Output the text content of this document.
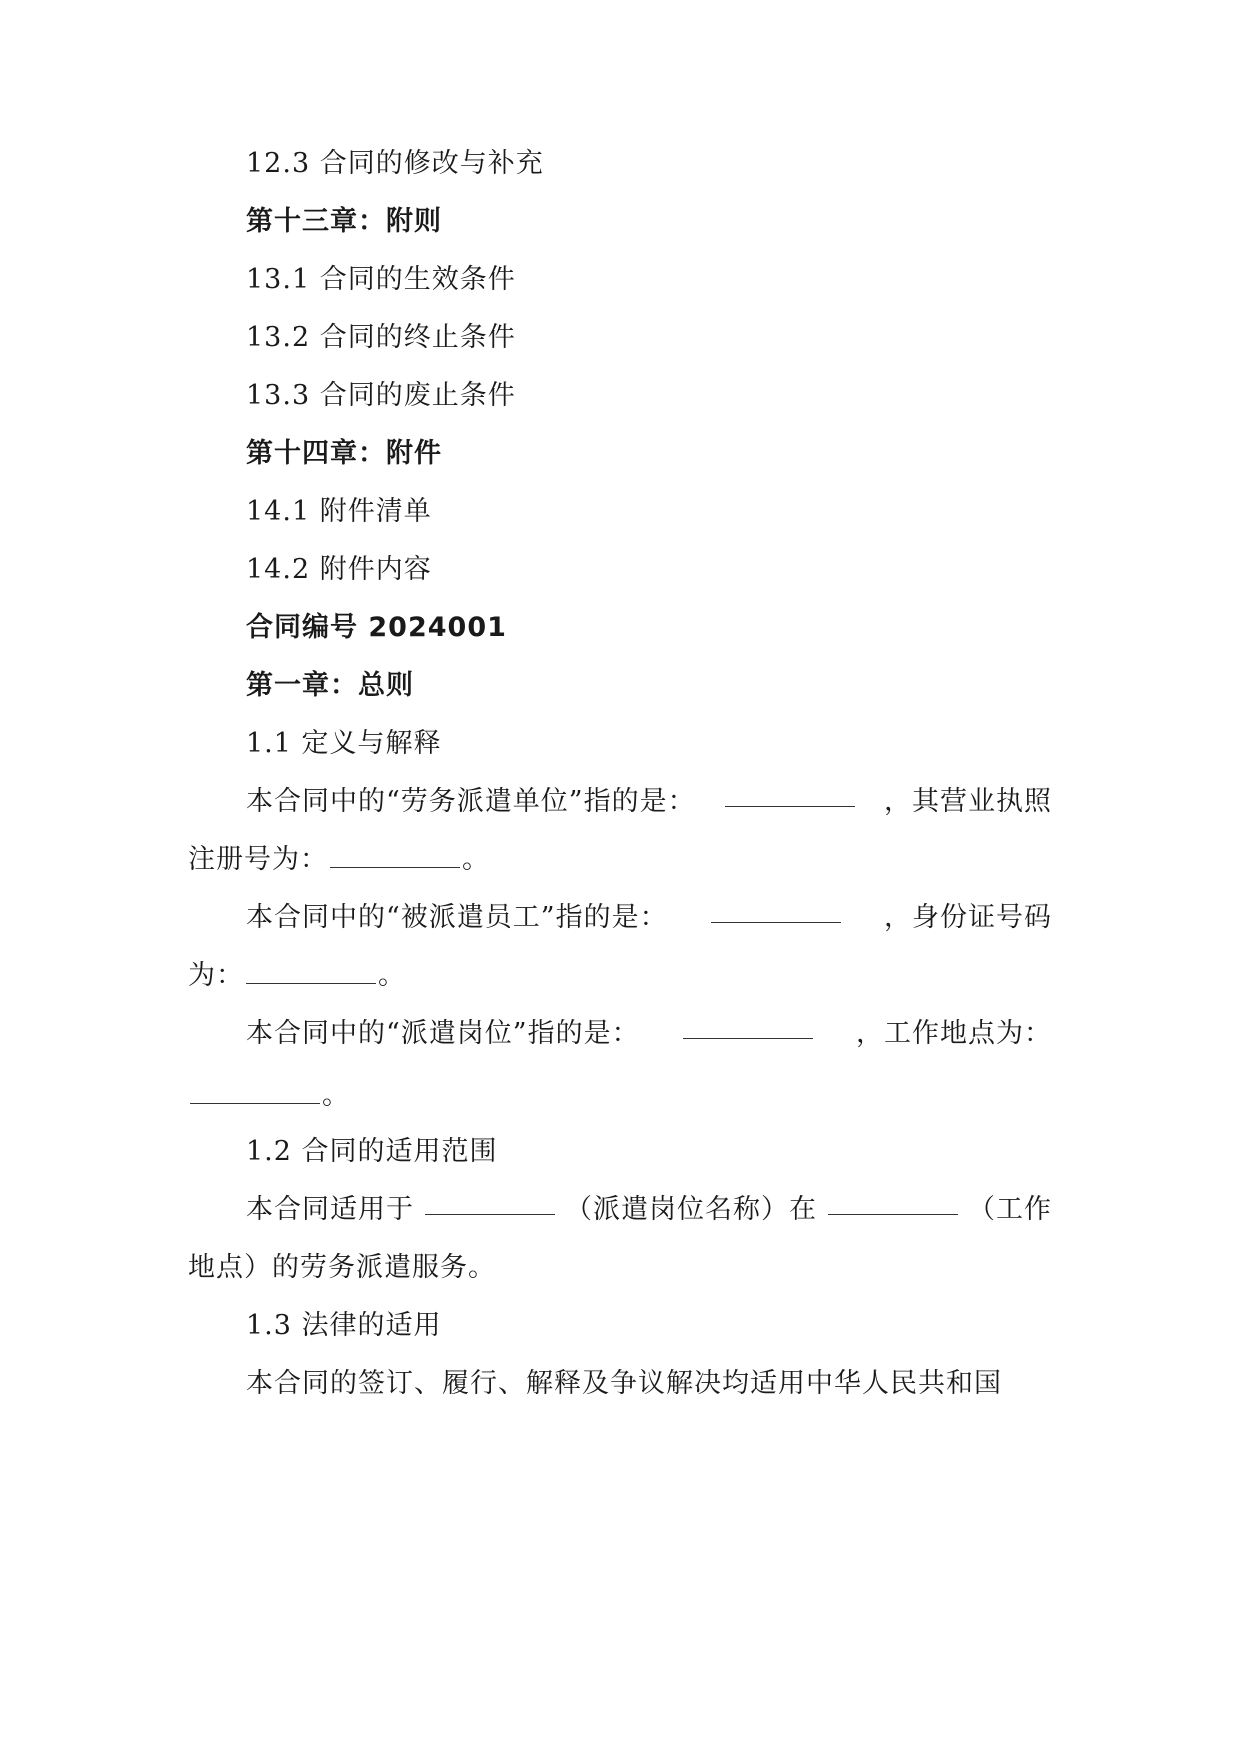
12.3 合同的修改与补充
第十三章：附则
13.1 合同的生效条件
13.2 合同的终止条件
13.3 合同的废止条件
第十四章：附件
14.1 附件清单
14.2 附件内容
合同编号 2024001
第一章：总则
1.1 定义与解释
本合同中的“劳务派遣单位”指的是：	，其营业执照
注册号为：	。
本合同中的“被派遣员工”指的是：	，身份证号码
为：	。
本合同中的“派遣岗位”指的是：	，工作地点为：
。
1.2 合同的适用范围
本合同适用于	（派遣岗位名称）在	（工作
地点）的劳务派遣服务。
1.3 法律的适用
本合同的签订、履行、解释及争议解决均适用中华人民共和国
